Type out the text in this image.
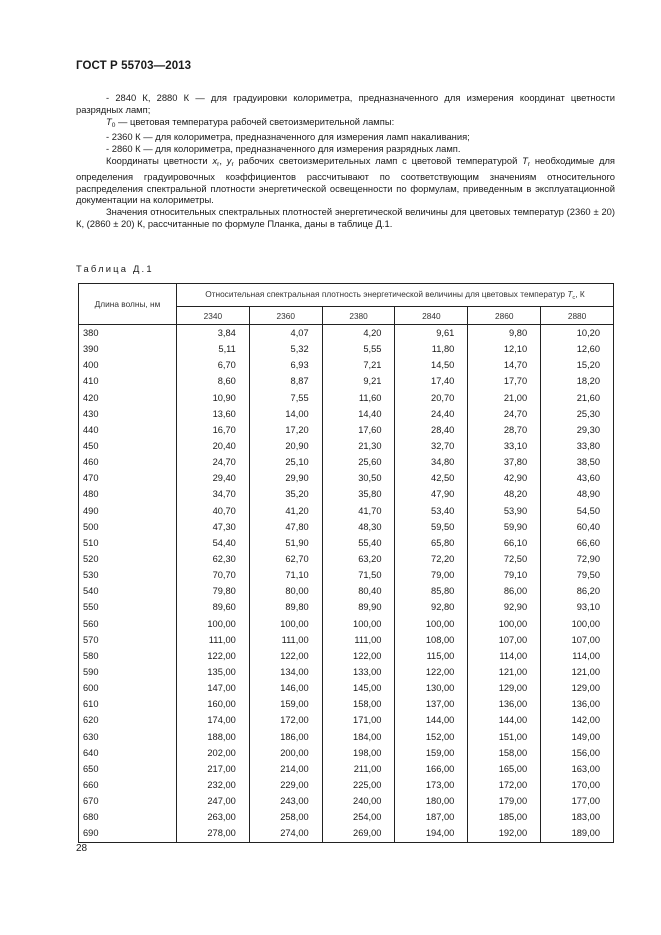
ГОСТ Р 55703—2013

- 2840 К, 2880 К — для градуировки колориметра, предназначенного для измерения координат цветности разрядных ламп;

$T_0$ — цветовая температура рабочей светоизмерительной лампы:

- 2360 К — для колориметра, предназначенного для измерения ламп накаливания;

- 2860 К — для колориметра, предназначенного для измерения разрядных ламп.

Координаты цветности $x_r$, $y_r$ рабочих светоизмерительных ламп с цветовой температурой $T_r$ необходимые для определения градуировочных коэффициентов рассчитывают по соответствующим значениям относительного распределения спектральной плотности энергетической освещенности по формулам, приведенным в эксплуатационной документации на колориметры.

Значения относительных спектральных плотностей энергетической величины для цветовых температур (2360 ± 20) К, (2860 ± 20) К, рассчитанные по формуле Планка, даны в таблице Д.1.

Таблица Д.1
Длина волны, нм	Относительная спектральная плотность энергетической величины для цветовых температур $T_c$, К					
	2340	2360	2380	2840	2860	2880
380	3,84	4,07	4,20	9,61	9,80	10,20
390	5,11	5,32	5,55	11,80	12,10	12,60
400	6,70	6,93	7,21	14,50	14,70	15,20
410	8,60	8,87	9,21	17,40	17,70	18,20
420	10,90	7,55	11,60	20,70	21,00	21,60
430	13,60	14,00	14,40	24,40	24,70	25,30
440	16,70	17,20	17,60	28,40	28,70	29,30
450	20,40	20,90	21,30	32,70	33,10	33,80
460	24,70	25,10	25,60	34,80	37,80	38,50
470	29,40	29,90	30,50	42,50	42,90	43,60
480	34,70	35,20	35,80	47,90	48,20	48,90
490	40,70	41,20	41,70	53,40	53,90	54,50
500	47,30	47,80	48,30	59,50	59,90	60,40
510	54,40	51,90	55,40	65,80	66,10	66,60
520	62,30	62,70	63,20	72,20	72,50	72,90
530	70,70	71,10	71,50	79,00	79,10	79,50
540	79,80	80,00	80,40	85,80	86,00	86,20
550	89,60	89,80	89,90	92,80	92,90	93,10
560	100,00	100,00	100,00	100,00	100,00	100,00
570	111,00	111,00	111,00	108,00	107,00	107,00
580	122,00	122,00	122,00	115,00	114,00	114,00
590	135,00	134,00	133,00	122,00	121,00	121,00
600	147,00	146,00	145,00	130,00	129,00	129,00
610	160,00	159,00	158,00	137,00	136,00	136,00
620	174,00	172,00	171,00	144,00	144,00	142,00
630	188,00	186,00	184,00	152,00	151,00	149,00
640	202,00	200,00	198,00	159,00	158,00	156,00
650	217,00	214,00	211,00	166,00	165,00	163,00
660	232,00	229,00	225,00	173,00	172,00	170,00
670	247,00	243,00	240,00	180,00	179,00	177,00
680	263,00	258,00	254,00	187,00	185,00	183,00
690	278,00	274,00	269,00	194,00	192,00	189,00
28
